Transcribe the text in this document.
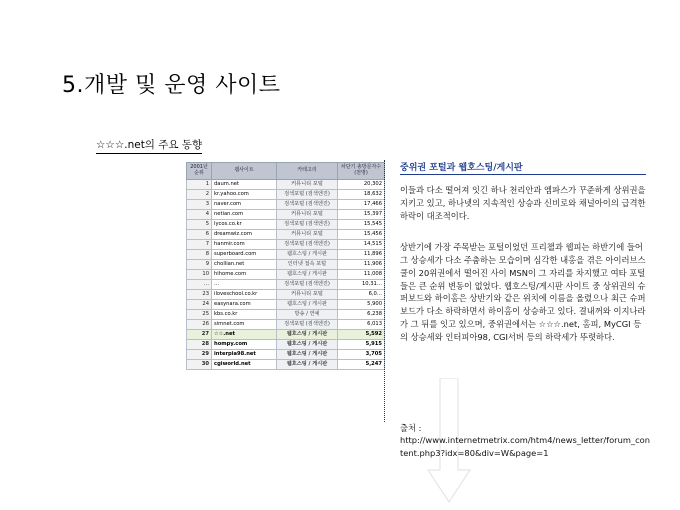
5.개발 및 운영 사이트
☆☆☆.net의 주요 동향
2001년 순위	웹사이트	카테고리	차단기 총방문자수 (천명)
1	daum.net	커뮤니티 포털	20,302
2	kr.yahoo.com	검색포털 (검색엔진)	18,632
3	naver.com	검색포털 (검색엔진)	17,466
4	netian.com	커뮤니티 포털	15,397
5	lycos.co.kr	검색포털 (검색엔진)	15,545
6	dreamwiz.com	커뮤니티 포털	15,456
7	hanmir.com	검색포털 (검색엔진)	14,515
8	superboard.com	웹호스팅 / 게시판	11,896
9	chollian.net	인터넷 접속 포털	11,906
10	hihome.com	웹호스팅 / 게시판	11,008
…	…	검색포털 (검색엔진)	10,31…
23	iloveschool.co.kr	커뮤니티 포털	6,0…
24	easynara.com	웹호스팅 / 게시판	5,900
25	kbs.co.kr	방송 / 연예	6,238
26	simnet.com	검색포털 (검색엔진)	6,013
27	☆☆.net	웹호스팅 / 게시판	5,592
28	hompy.com	웹호스팅 / 게시판	5,915
29	interpia98.net	웹호스팅 / 게시판	3,705
30	cgiworld.net	웹호스팅 / 게시판	5,247
중위권 포털과 웹호스팅/게시판
이들과 다소 떨어져 잇긴 하나 천리안과 엠파스가 꾸준하게 상위권을 지키고 있고, 하나넷의 지속적인 상승과 신비로와 채널아이의 급격한 하락이 대조적이다.
상반기에 가장 주목받는 포털이었던 프리챌과 웹피는 하반기에 들어 그 상승세가 다소 주춤하는 모습이며 심각한 내홍을 겪은 아이러브스쿨이 20위권에서 떨어진 사이 MSN이 그 자리를 차지했고 여타 포털들은 큰 순위 변동이 없었다. 웹호스팅/게시판 사이트 중 상위권의 슈퍼보드와 하이홈은 상반기와 같은 위치에 이름을 올렸으나 최근 슈퍼보드가 다소 하락하면서 하이홈이 상승하고 있다. 결내꺼와 이지나라가 그 뒤를 잇고 있으며, 중위권에서는 ☆☆☆.net, 홈피, MyCGI 등의 상승세와 인터피아98, CGI서버 등의 하락세가 뚜렷하다.
출처 :
http://www.internetmetrix.com/htm4/news_letter/forum_content.php3?idx=80&div=W&page=1
